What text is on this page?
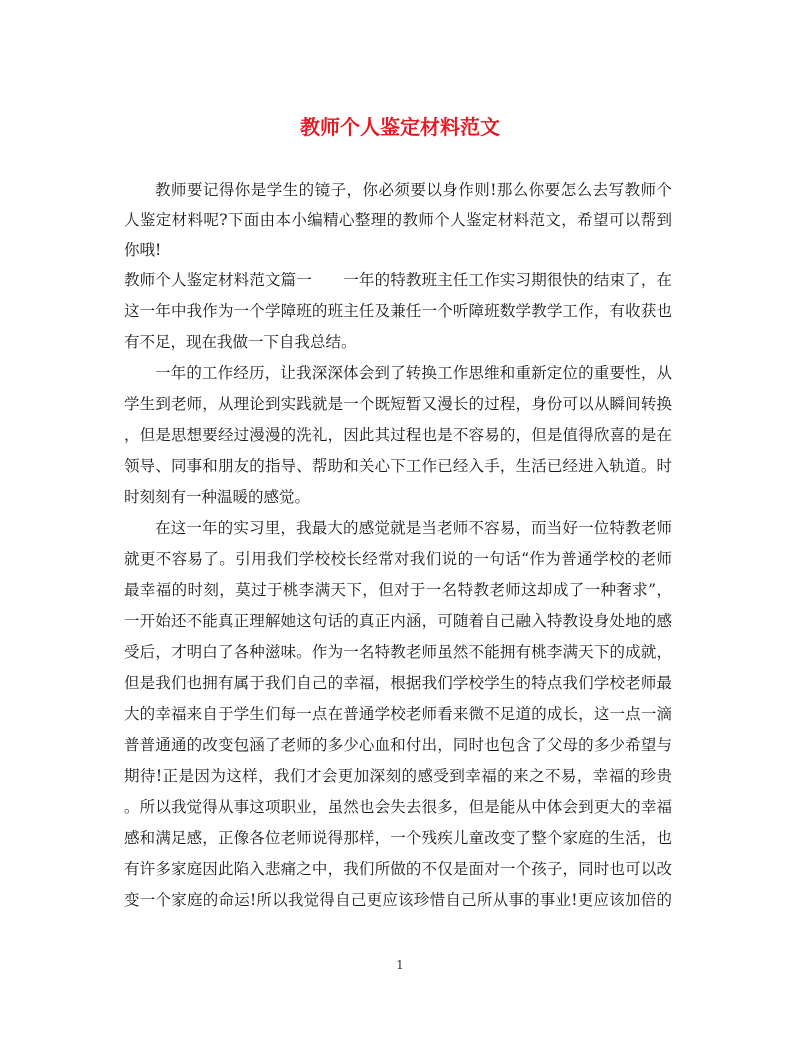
教师个人鉴定材料范文
教师要记得你是学生的镜子，你必须要以身作则!那么你要怎么去写教师个
人鉴定材料呢?下面由本小编精心整理的教师个人鉴定材料范文，希望可以帮到
你哦!
教师个人鉴定材料范文篇一　　一年的特教班主任工作实习期很快的结束了，在
这一年中我作为一个学障班的班主任及兼任一个听障班数学教学工作，有收获也
有不足，现在我做一下自我总结。
一年的工作经历，让我深深体会到了转换工作思维和重新定位的重要性，从
学生到老师，从理论到实践就是一个既短暂又漫长的过程，身份可以从瞬间转换
，但是思想要经过漫漫的洗礼，因此其过程也是不容易的，但是值得欣喜的是在
领导、同事和朋友的指导、帮助和关心下工作已经入手，生活已经进入轨道。时
时刻刻有一种温暖的感觉。
在这一年的实习里，我最大的感觉就是当老师不容易，而当好一位特教老师
就更不容易了。引用我们学校校长经常对我们说的一句话“作为普通学校的老师
最幸福的时刻，莫过于桃李满天下，但对于一名特教老师这却成了一种奢求”，
一开始还不能真正理解她这句话的真正内涵，可随着自己融入特教设身处地的感
受后，才明白了各种滋味。作为一名特教老师虽然不能拥有桃李满天下的成就，
但是我们也拥有属于我们自己的幸福，根据我们学校学生的特点我们学校老师最
大的幸福来自于学生们每一点在普通学校老师看来微不足道的成长，这一点一滴
普普通通的改变包涵了老师的多少心血和付出，同时也包含了父母的多少希望与
期待!正是因为这样，我们才会更加深刻的感受到幸福的来之不易，幸福的珍贵
。所以我觉得从事这项职业，虽然也会失去很多，但是能从中体会到更大的幸福
感和满足感，正像各位老师说得那样，一个残疾儿童改变了整个家庭的生活，也
有许多家庭因此陷入悲痛之中，我们所做的不仅是面对一个孩子，同时也可以改
变一个家庭的命运!所以我觉得自己更应该珍惜自己所从事的事业!更应该加倍的
1
